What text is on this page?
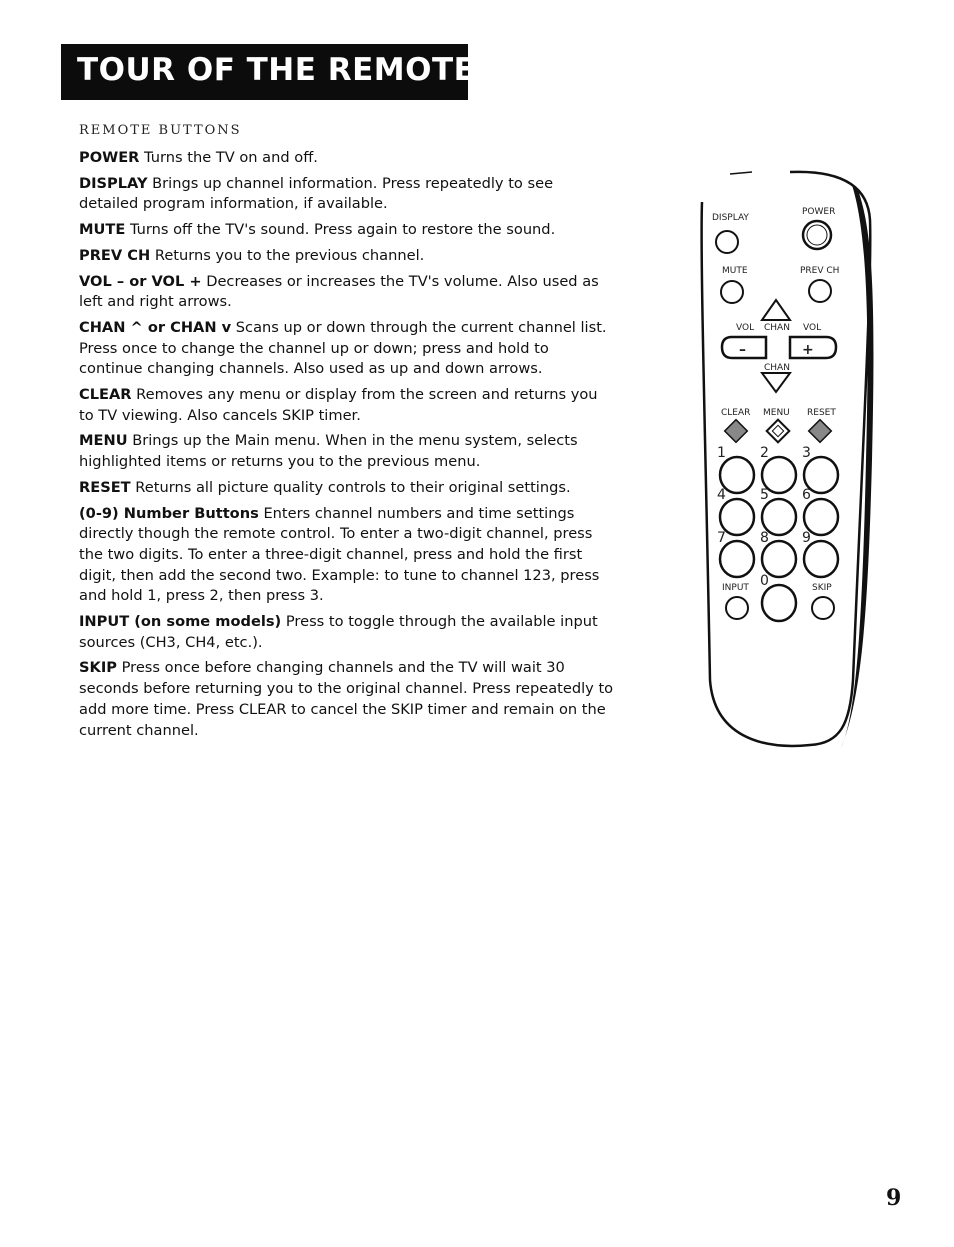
TOUR OF THE REMOTE
REMOTE BUTTONS

POWER Turns the TV on and off.

DISPLAY Brings up channel information. Press repeatedly to see detailed program information, if available.

MUTE Turns off the TV's sound. Press again to restore the sound.

PREV CH Returns you to the previous channel.

VOL – or VOL + Decreases or increases the TV's volume. Also used as left and right arrows.

CHAN ^ or CHAN v Scans up or down through the current channel list. Press once to change the channel up or down; press and hold to continue changing channels. Also used as up and down arrows.

CLEAR Removes any menu or display from the screen and returns you to TV viewing. Also cancels SKIP timer.

MENU Brings up the Main menu. When in the menu system, selects highlighted items or returns you to the previous menu.

RESET Returns all picture quality controls to their original settings.

(0-9) Number Buttons Enters channel numbers and time settings directly though the remote control. To enter a two-digit channel, press the two digits. To enter a three-digit channel, press and hold the first digit, then add the second two. Example: to tune to channel 123, press and hold 1, press 2, then press 3.

INPUT (on some models) Press to toggle through the available input sources (CH3, CH4, etc.).

SKIP Press once before changing channels and the TV will wait 30 seconds before returning you to the original channel. Press repeatedly to add more time. Press CLEAR to cancel the SKIP timer and remain on the current channel.

DISPLAY
POWER
MUTE	PREV CH
VOL CHAN VOL
–	+
CHAN
CLEAR MENU RESET
1 2 3
4 5 6
7 8 9
INPUT 0	SKIP
9
